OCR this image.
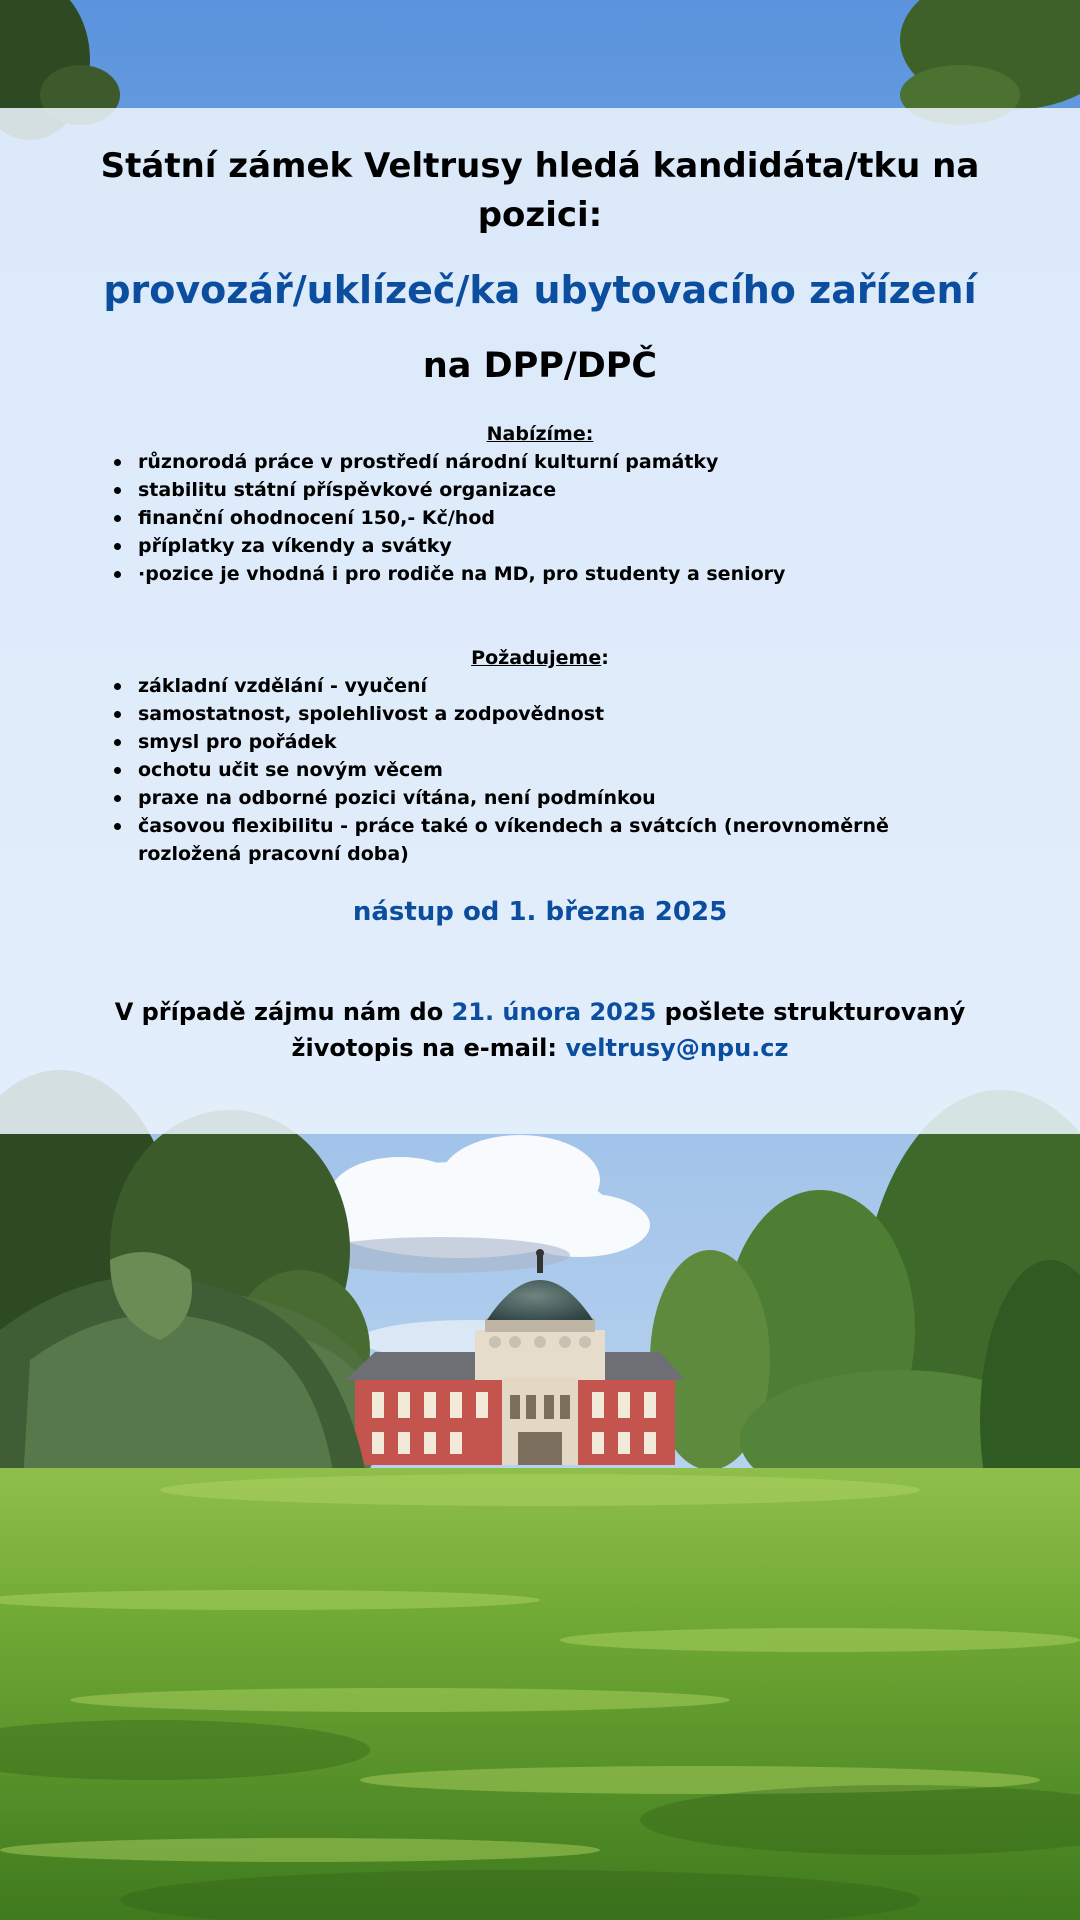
Státní zámek Veltrusy hledá kandidáta/tku na pozici:
provozář/uklízeč/ka ubytovacího zařízení
na DPP/DPČ
Nabízíme:
různorodá práce v prostředí národní kulturní památky
stabilitu státní příspěvkové organizace
finanční ohodnocení 150,- Kč/hod
příplatky za víkendy a svátky
·pozice je vhodná i pro rodiče na MD, pro studenty a seniory
Požadujeme:
základní vzdělání - vyučení
samostatnost, spolehlivost a zodpovědnost
smysl pro pořádek
ochotu učit se novým věcem
praxe na odborné pozici vítána, není podmínkou
časovou flexibilitu - práce také o víkendech a svátcích (nerovnoměrně rozložená pracovní doba)
nástup od 1. března 2025
V případě zájmu nám do 21. února 2025 pošlete strukturovaný životopis na e-mail: veltrusy@npu.cz
